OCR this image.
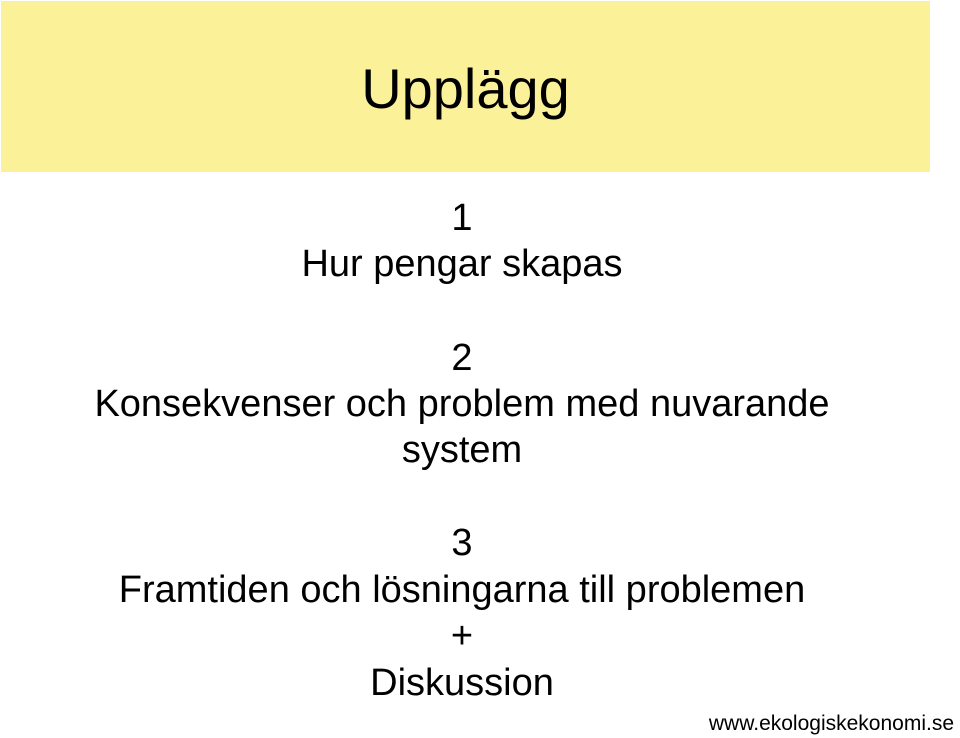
Upplägg
1
Hur pengar skapas
2
Konsekvenser och problem med nuvarande
system
3
Framtiden och lösningarna till problemen
+
Diskussion
www.ekologiskekonomi.se
